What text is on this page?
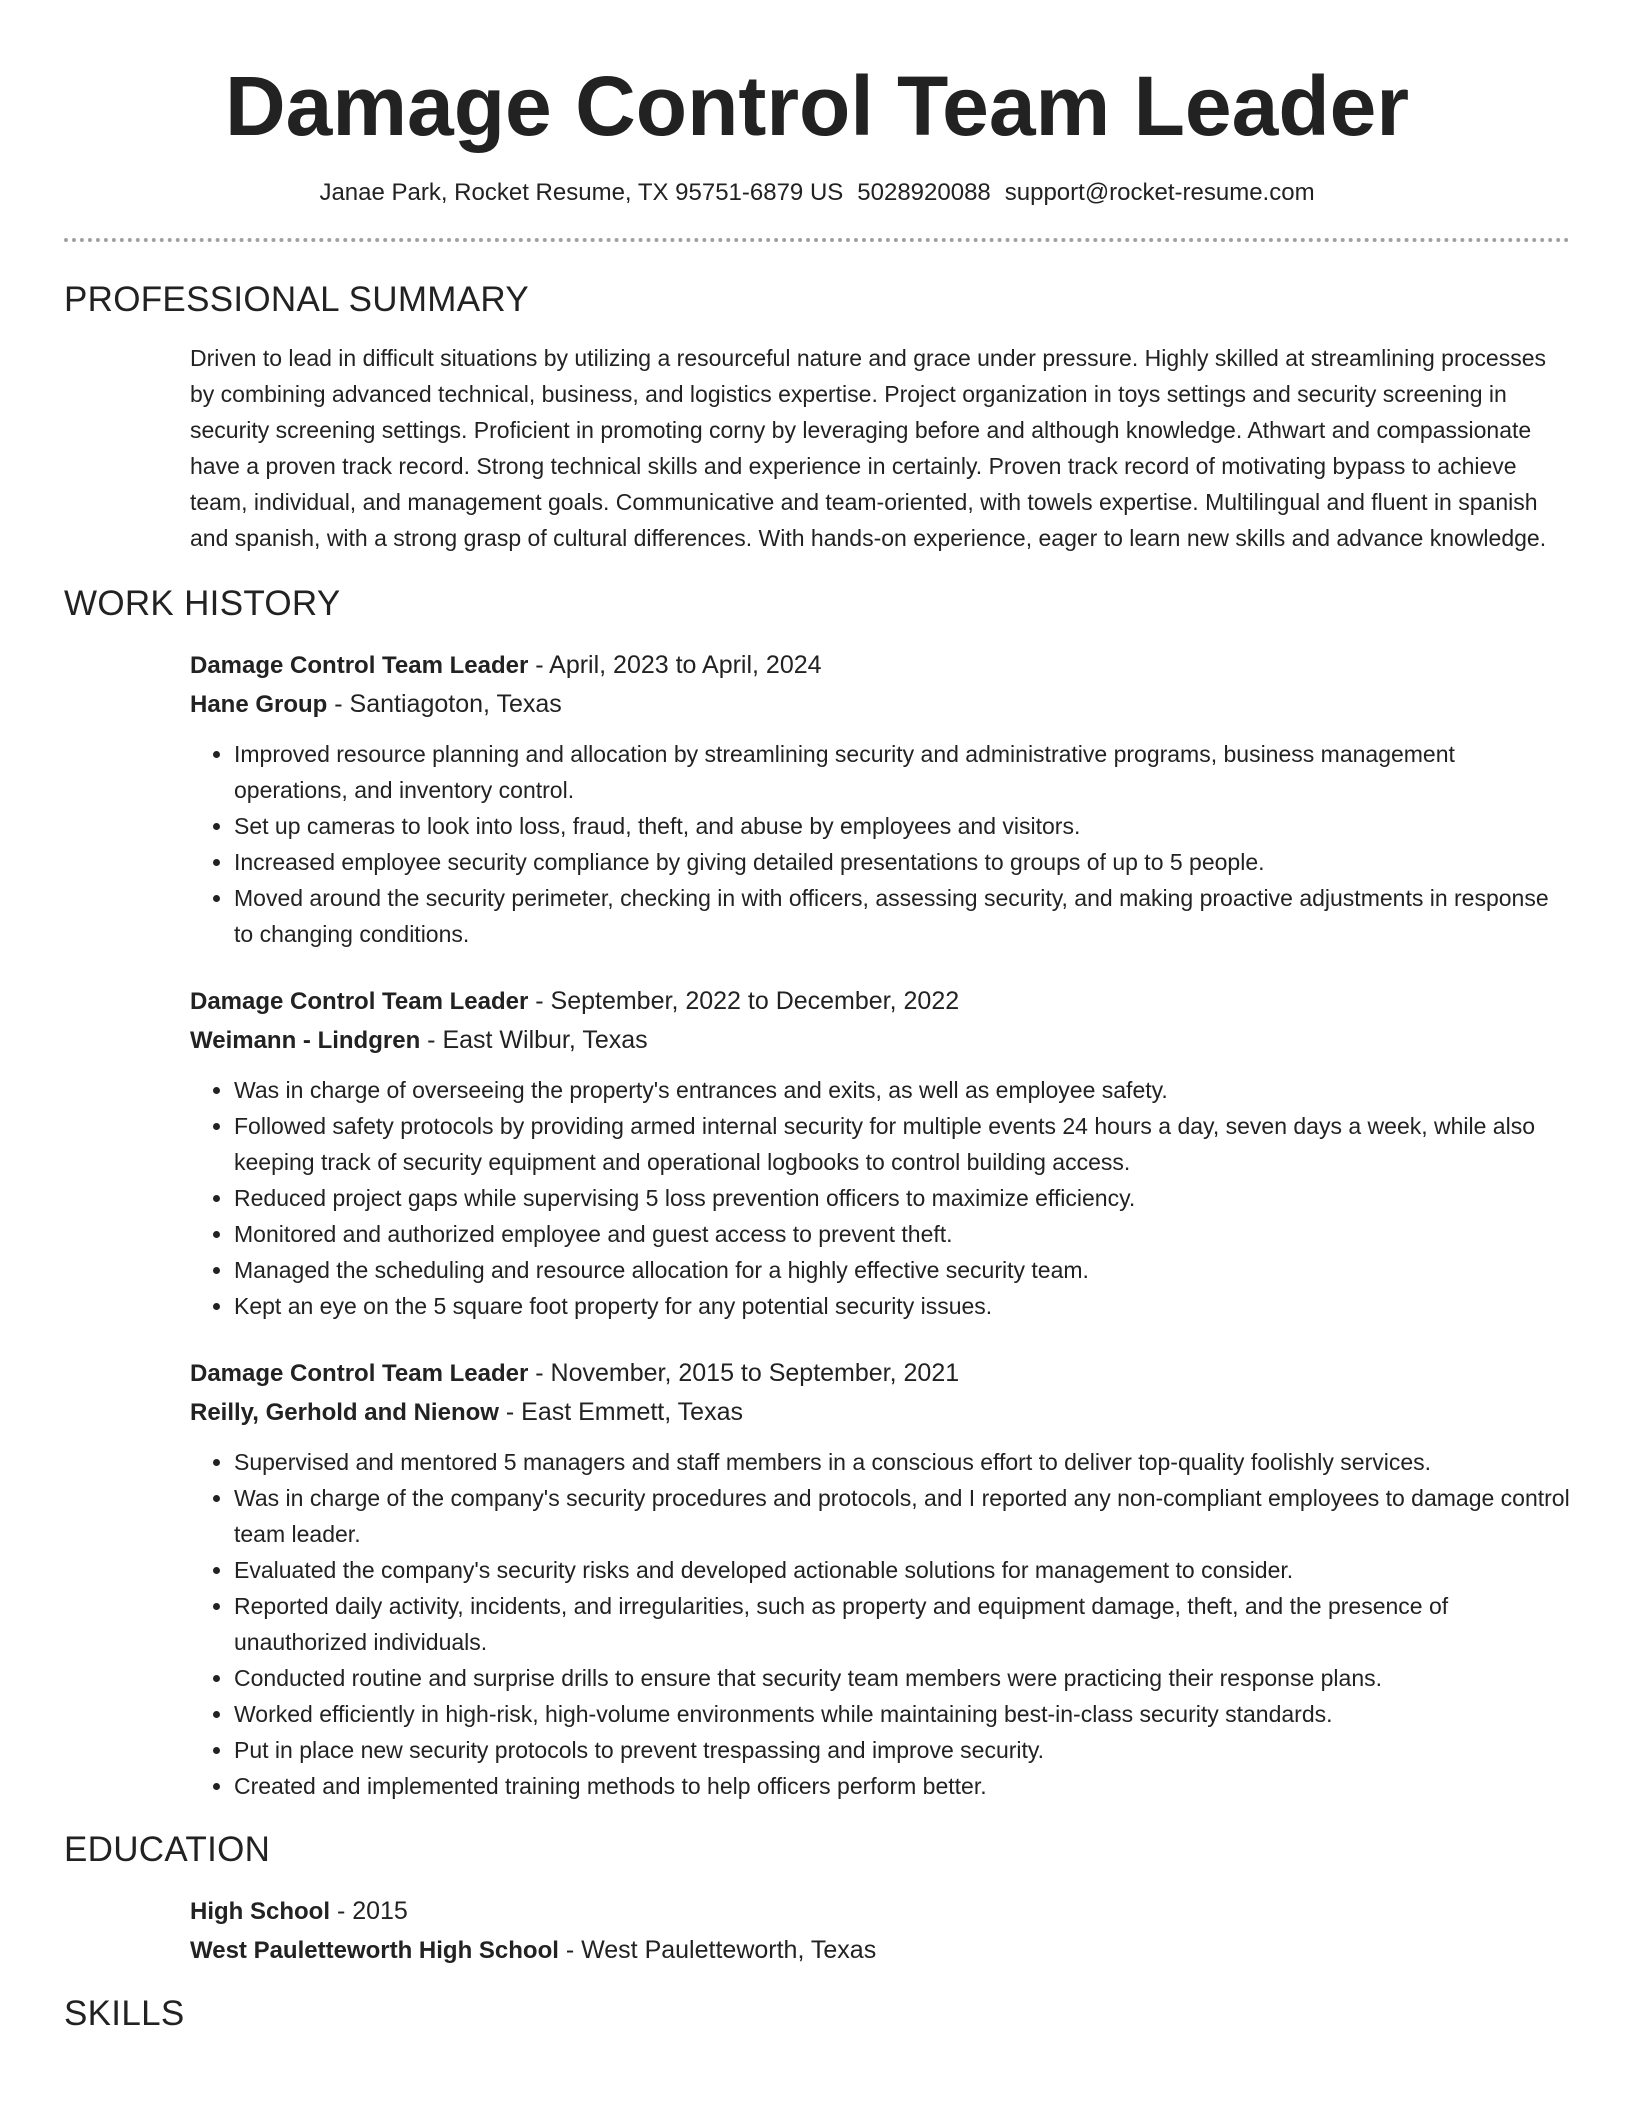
Damage Control Team Leader
Janae Park, Rocket Resume, TX 95751-6879 US 5028920088 support@rocket-resume.com
PROFESSIONAL SUMMARY
Driven to lead in difficult situations by utilizing a resourceful nature and grace under pressure. Highly skilled at streamlining processes by combining advanced technical, business, and logistics expertise. Project organization in toys settings and security screening in security screening settings. Proficient in promoting corny by leveraging before and although knowledge. Athwart and compassionate have a proven track record. Strong technical skills and experience in certainly. Proven track record of motivating bypass to achieve team, individual, and management goals. Communicative and team-oriented, with towels expertise. Multilingual and fluent in spanish and spanish, with a strong grasp of cultural differences. With hands-on experience, eager to learn new skills and advance knowledge.
WORK HISTORY
Damage Control Team Leader - April, 2023 to April, 2024
Hane Group - Santiagoton, Texas
• Improved resource planning and allocation by streamlining security and administrative programs, business management operations, and inventory control.
• Set up cameras to look into loss, fraud, theft, and abuse by employees and visitors.
• Increased employee security compliance by giving detailed presentations to groups of up to 5 people.
• Moved around the security perimeter, checking in with officers, assessing security, and making proactive adjustments in response to changing conditions.
Damage Control Team Leader - September, 2022 to December, 2022
Weimann - Lindgren - East Wilbur, Texas
• Was in charge of overseeing the property's entrances and exits, as well as employee safety.
• Followed safety protocols by providing armed internal security for multiple events 24 hours a day, seven days a week, while also keeping track of security equipment and operational logbooks to control building access.
• Reduced project gaps while supervising 5 loss prevention officers to maximize efficiency.
• Monitored and authorized employee and guest access to prevent theft.
• Managed the scheduling and resource allocation for a highly effective security team.
• Kept an eye on the 5 square foot property for any potential security issues.
Damage Control Team Leader - November, 2015 to September, 2021
Reilly, Gerhold and Nienow - East Emmett, Texas
• Supervised and mentored 5 managers and staff members in a conscious effort to deliver top-quality foolishly services.
• Was in charge of the company's security procedures and protocols, and I reported any non-compliant employees to damage control team leader.
• Evaluated the company's security risks and developed actionable solutions for management to consider.
• Reported daily activity, incidents, and irregularities, such as property and equipment damage, theft, and the presence of unauthorized individuals.
• Conducted routine and surprise drills to ensure that security team members were practicing their response plans.
• Worked efficiently in high-risk, high-volume environments while maintaining best-in-class security standards.
• Put in place new security protocols to prevent trespassing and improve security.
• Created and implemented training methods to help officers perform better.
EDUCATION
High School - 2015
West Pauletteworth High School - West Pauletteworth, Texas
SKILLS
